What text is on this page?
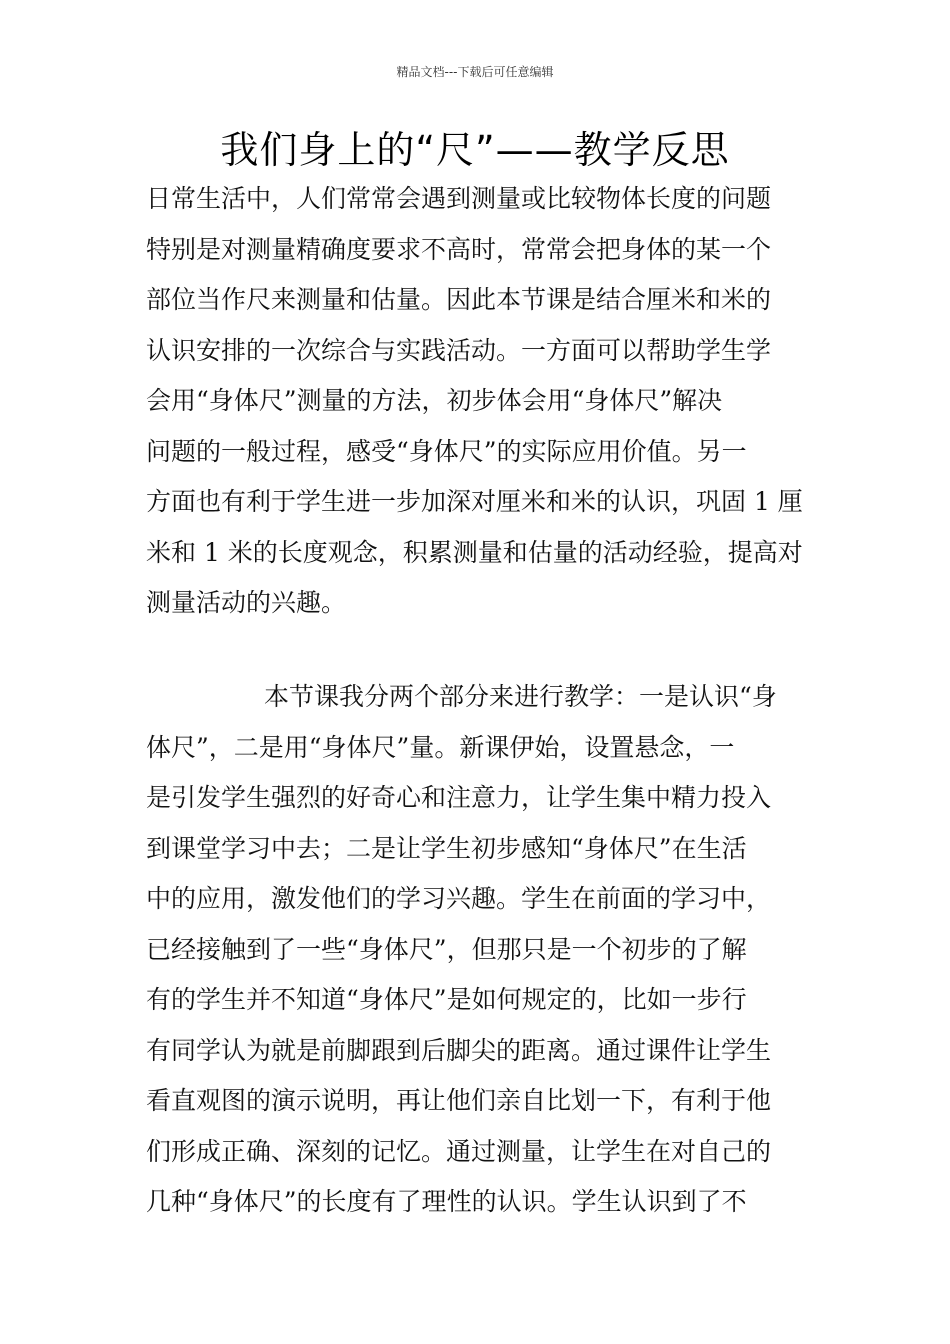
精品文档---下载后可任意编辑
我们身上的“尺”——教学反思
日常生活中，人们常常会遇到测量或比较物体长度的问题
特别是对测量精确度要求不高时，常常会把身体的某一个
部位当作尺来测量和估量。因此本节课是结合厘米和米的
认识安排的一次综合与实践活动。一方面可以帮助学生学
会用“身体尺”测量的方法，初步体会用“身体尺”解决
问题的一般过程，感受“身体尺”的实际应用价值。另一
方面也有利于学生进一步加深对厘米和米的认识，巩固 1 厘
米和 1 米的长度观念，积累测量和估量的活动经验，提高对
测量活动的兴趣。
本节课我分两个部分来进行教学：一是认识“身
体尺”，二是用“身体尺”量。新课伊始，设置悬念，一
是引发学生强烈的好奇心和注意力，让学生集中精力投入
到课堂学习中去；二是让学生初步感知“身体尺”在生活
中的应用，激发他们的学习兴趣。学生在前面的学习中，
已经接触到了一些“身体尺”，但那只是一个初步的了解
有的学生并不知道“身体尺”是如何规定的，比如一步行
有同学认为就是前脚跟到后脚尖的距离。通过课件让学生
看直观图的演示说明，再让他们亲自比划一下，有利于他
们形成正确、深刻的记忆。通过测量，让学生在对自己的
几种“身体尺”的长度有了理性的认识。学生认识到了不
